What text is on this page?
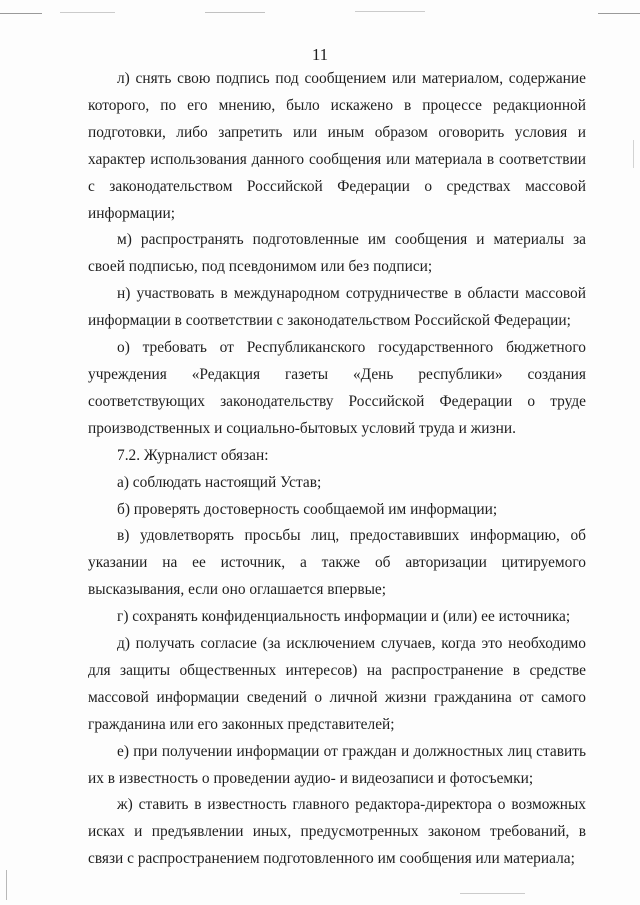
11

л) снять свою подпись под сообщением или материалом, содержание которого, по его мнению, было искажено в процессе редакционной подготовки, либо запретить или иным образом оговорить условия и характер использования данного сообщения или материала в соответствии с законодательством Российской Федерации о средствах массовой информации;

м) распространять подготовленные им сообщения и материалы за своей подписью, под псевдонимом или без подписи;

н) участвовать в международном сотрудничестве в области массовой информации в соответствии с законодательством Российской Федерации;

о) требовать от Республиканского государственного бюджетного учреждения «Редакция газеты «День республики» создания соответствующих законодательству Российской Федерации о труде производственных и социально-бытовых условий труда и жизни.

7.2. Журналист обязан:

а) соблюдать настоящий Устав;

б) проверять достоверность сообщаемой им информации;

в) удовлетворять просьбы лиц, предоставивших информацию, об указании на ее источник, а также об авторизации цитируемого высказывания, если оно оглашается впервые;

г) сохранять конфиденциальность информации и (или) ее источника;

д) получать согласие (за исключением случаев, когда это необходимо для защиты общественных интересов) на распространение в средстве массовой информации сведений о личной жизни гражданина от самого гражданина или его законных представителей;

е) при получении информации от граждан и должностных лиц ставить их в известность о проведении аудио- и видеозаписи и фотосъемки;

ж) ставить в известность главного редактора-директора о возможных исках и предъявлении иных, предусмотренных законом требований, в связи с распространением подготовленного им сообщения или материала;
